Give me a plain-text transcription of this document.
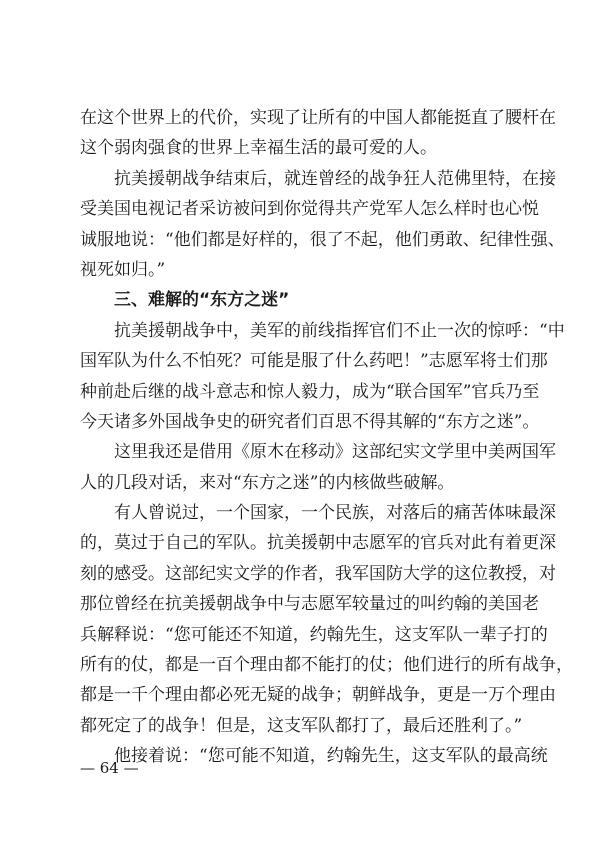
在这个世界上的代价，实现了让所有的中国人都能挺直了腰杆在
这个弱肉强食的世界上幸福生活的最可爱的人。
抗美援朝战争结束后，就连曾经的战争狂人范佛里特，在接
受美国电视记者采访被问到你觉得共产党军人怎么样时也心悦
诚服地说：“他们都是好样的，很了不起，他们勇敢、纪律性强、
视死如归。”
三、难解的“东方之迷”
抗美援朝战争中，美军的前线指挥官们不止一次的惊呼：“中
国军队为什么不怕死？可能是服了什么药吧！”志愿军将士们那
种前赴后继的战斗意志和惊人毅力，成为“联合国军”官兵乃至
今天诸多外国战争史的研究者们百思不得其解的“东方之迷”。
这里我还是借用《原木在移动》这部纪实文学里中美两国军
人的几段对话，来对“东方之迷”的内核做些破解。
有人曾说过，一个国家，一个民族，对落后的痛苦体味最深
的，莫过于自己的军队。抗美援朝中志愿军的官兵对此有着更深
刻的感受。这部纪实文学的作者，我军国防大学的这位教授，对
那位曾经在抗美援朝战争中与志愿军较量过的叫约翰的美国老
兵解释说：“您可能还不知道，约翰先生，这支军队一辈子打的
所有的仗，都是一百个理由都不能打的仗；他们进行的所有战争，
都是一千个理由都必死无疑的战争；朝鲜战争，更是一万个理由
都死定了的战争！但是，这支军队都打了，最后还胜利了。”
他接着说：“您可能不知道，约翰先生，这支军队的最高统
— 64 —
